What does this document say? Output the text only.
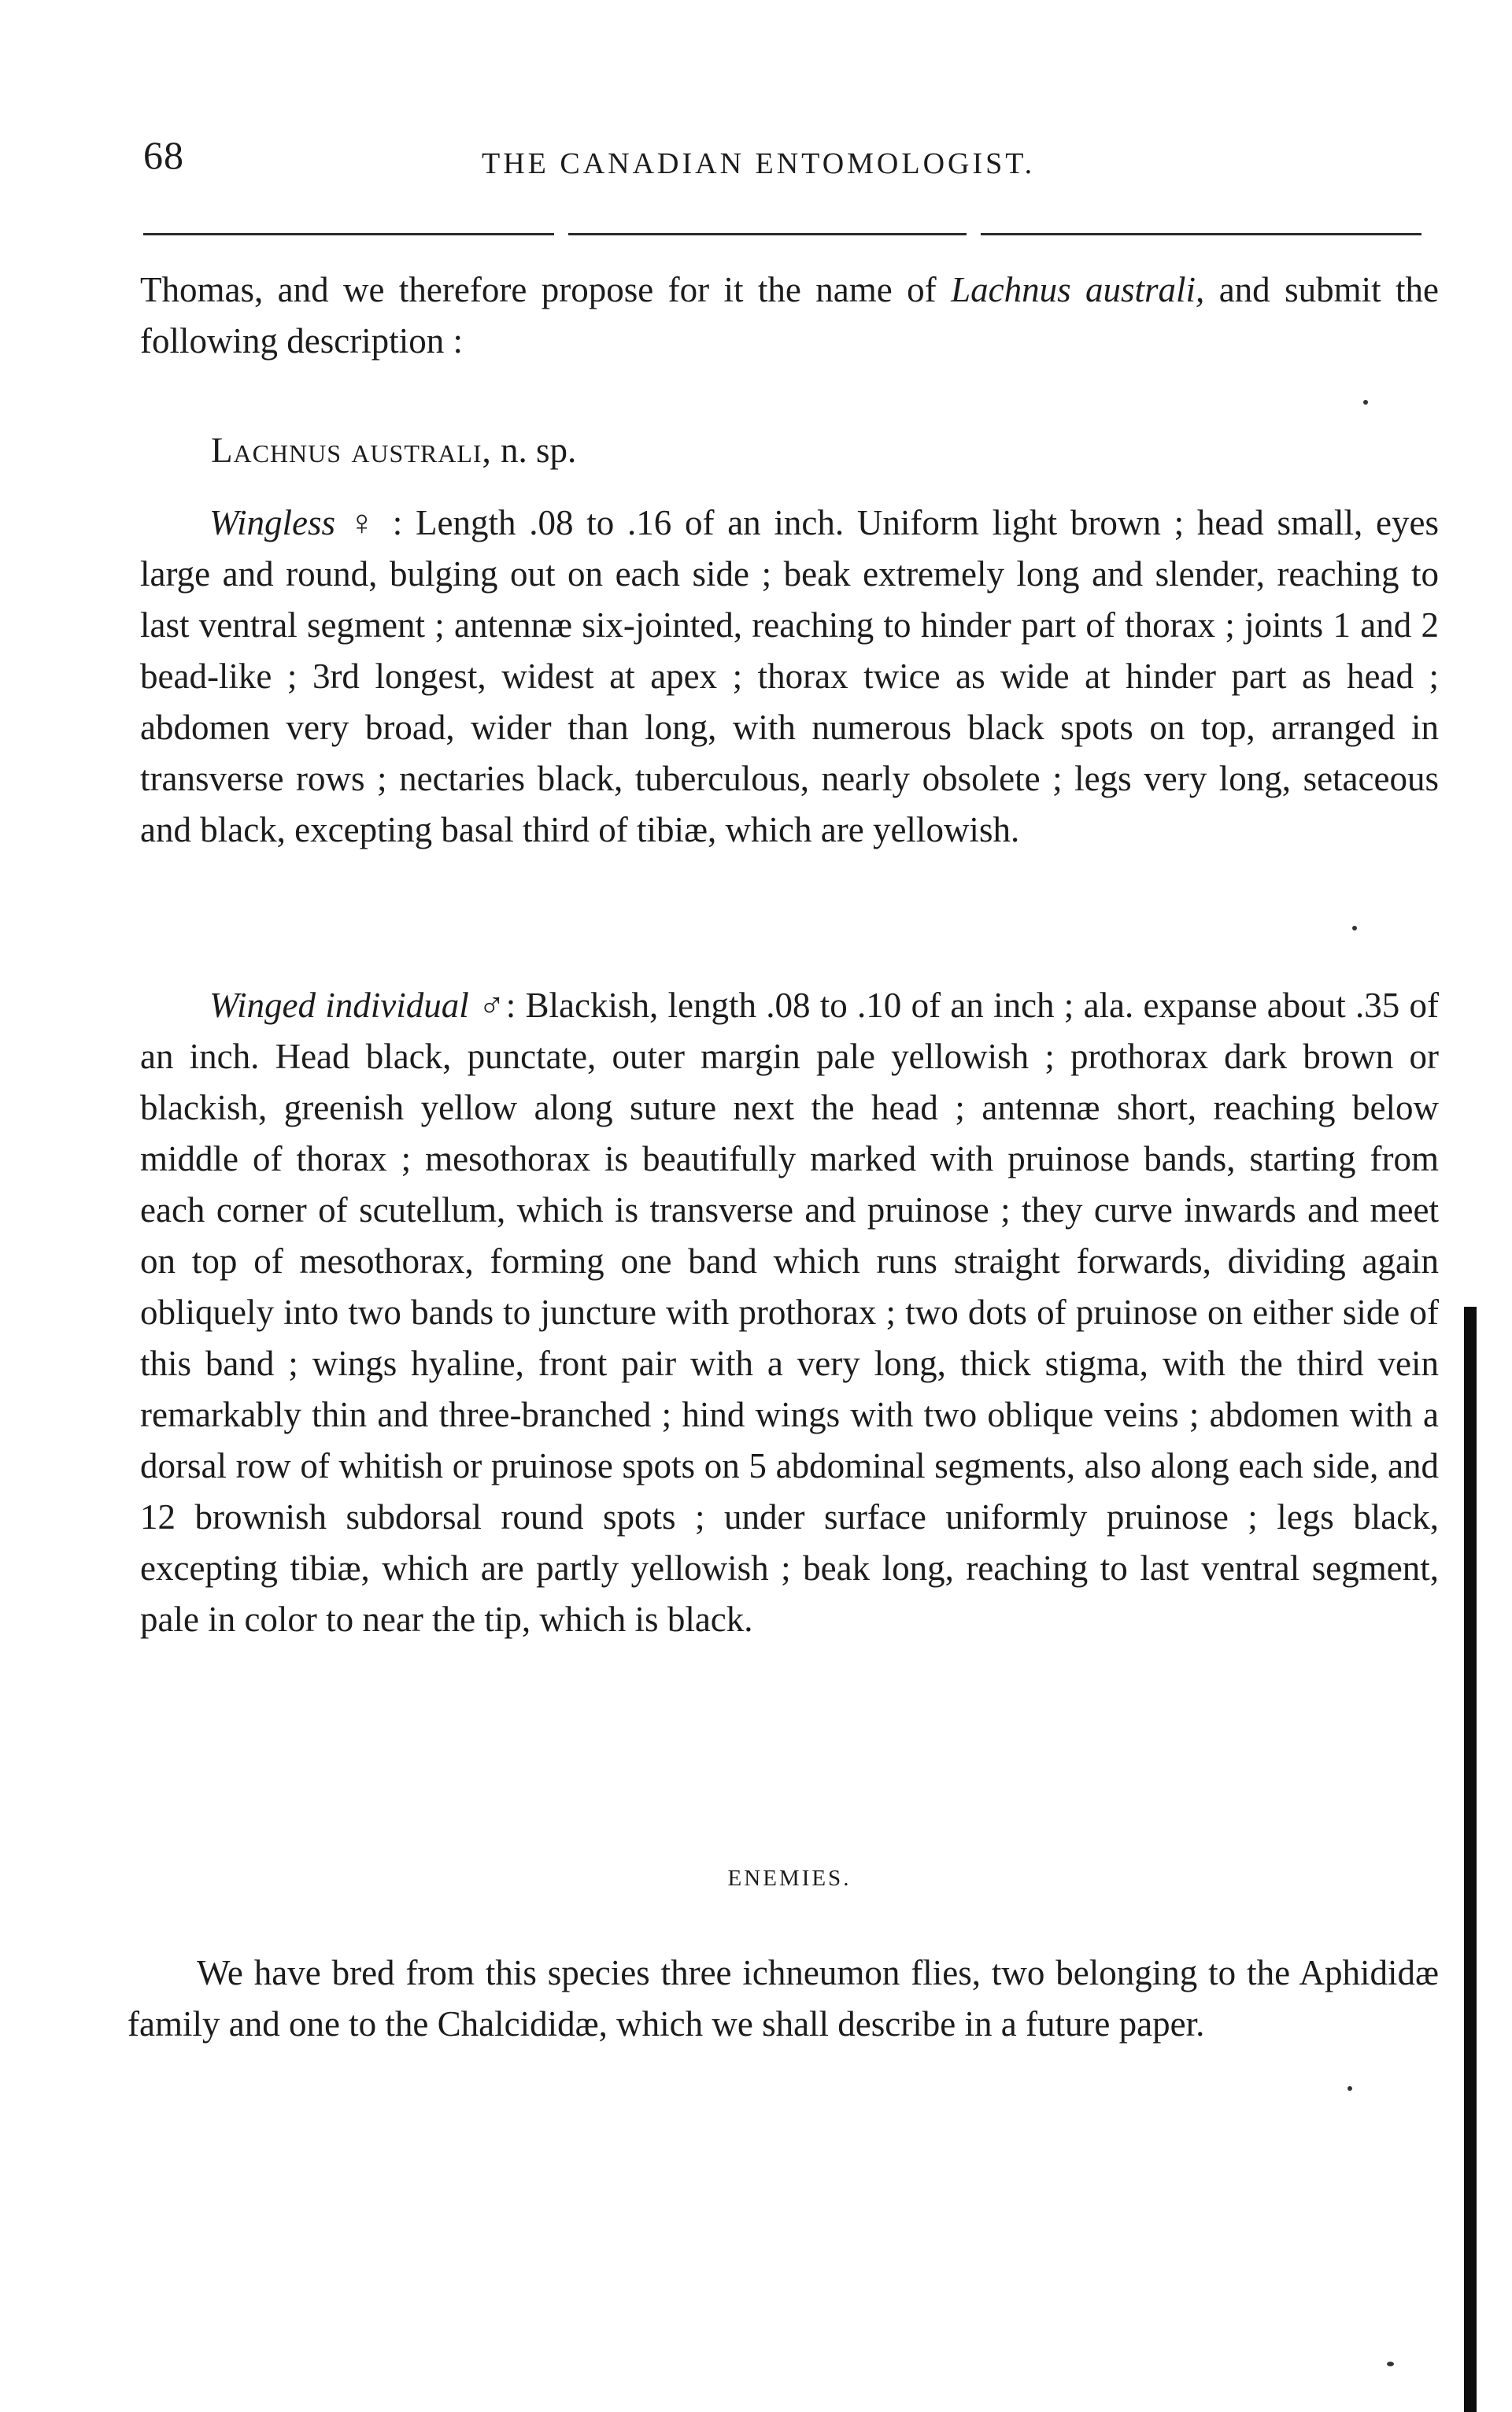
68	THE CANADIAN ENTOMOLOGIST.

Thomas, and we therefore propose for it the name of Lachnus australi, and submit the following description :

Lachnus australi, n. sp.

Wingless ♀ : Length .08 to .16 of an inch. Uniform light brown ; head small, eyes large and round, bulging out on each side ; beak extremely long and slender, reaching to last ventral segment ; antennæ six-jointed, reaching to hinder part of thorax ; joints 1 and 2 bead-like ; 3rd longest, widest at apex ; thorax twice as wide at hinder part as head ; abdomen very broad, wider than long, with numerous black spots on top, arranged in transverse rows ; nectaries black, tuberculous, nearly obsolete ; legs very long, setaceous and black, excepting basal third of tibiæ, which are yellowish.

Winged individual ♂: Blackish, length .08 to .10 of an inch ; ala. expanse about .35 of an inch. Head black, punctate, outer margin pale yellowish ; prothorax dark brown or blackish, greenish yellow along suture next the head ; antennæ short, reaching below middle of thorax ; mesothorax is beautifully marked with pruinose bands, starting from each corner of scutellum, which is transverse and pruinose ; they curve inwards and meet on top of mesothorax, forming one band which runs straight forwards, dividing again obliquely into two bands to juncture with prothorax ; two dots of pruinose on either side of this band ; wings hyaline, front pair with a very long, thick stigma, with the third vein remarkably thin and three-branched ; hind wings with two oblique veins ; abdomen with a dorsal row of whitish or pruinose spots on 5 abdominal segments, also along each side, and 12 brownish subdorsal round spots ; under surface uniformly pruinose ; legs black, excepting tibiæ, which are partly yellowish ; beak long, reaching to last ventral segment, pale in color to near the tip, which is black.

ENEMIES.

We have bred from this species three ichneumon flies, two belonging to the Aphididæ family and one to the Chalcididæ, which we shall describe in a future paper.
